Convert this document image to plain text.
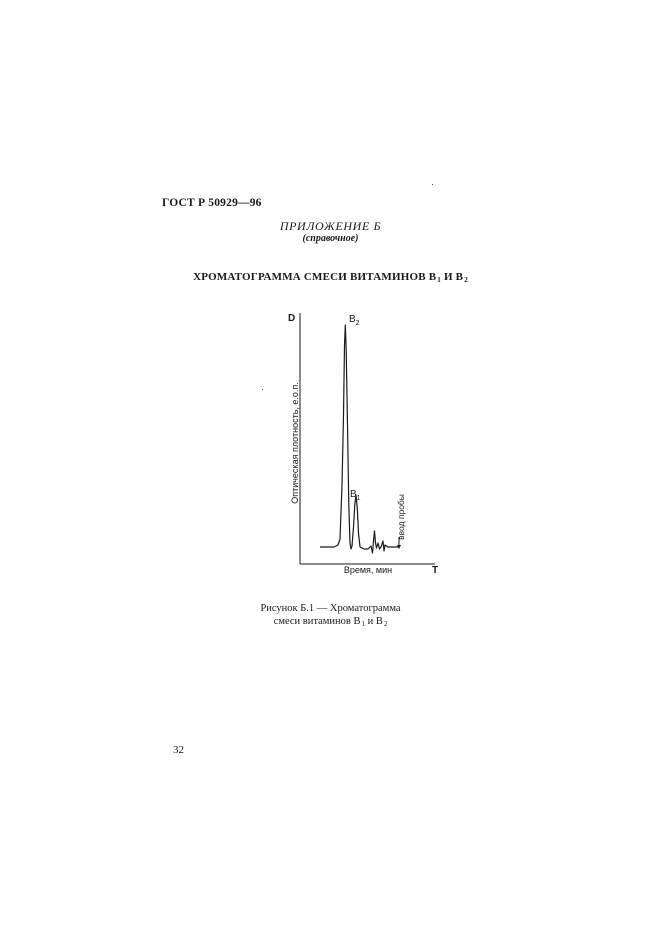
ГОСТ Р 50929—96
ПРИЛОЖЕНИЕ Б
(справочное)
ХРОМАТОГРАММА СМЕСИ ВИТАМИНОВ $В_1$ И $В_2$
D
T
Оптическая плотность, е.о.п.
Время, мин
$В_2$
$В_1$	ввод пробы
Рисунок Б.1 — Хроматограмма
смеси витаминов $В_1$ и $В_2$
32
